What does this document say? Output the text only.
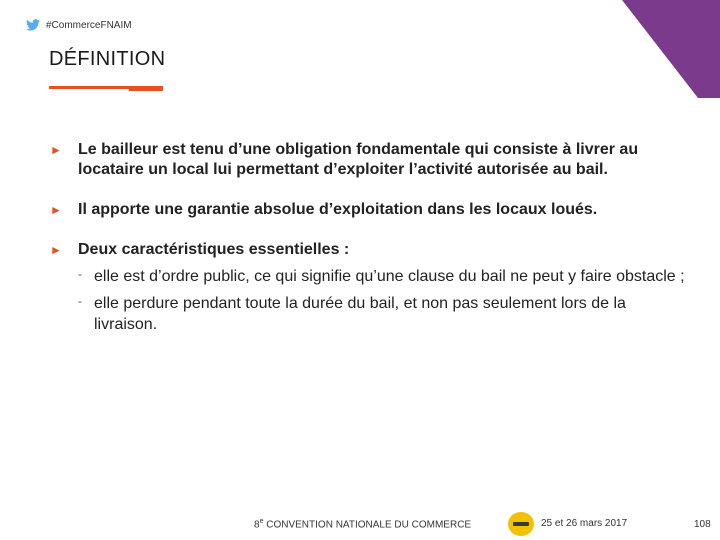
#CommerceFNAIM
DÉFINITION
►	Le bailleur est tenu d’une obligation fondamentale qui consiste à livrer au locataire un local lui permettant d’exploiter l’activité autorisée au bail.
►	Il apporte une garantie absolue d’exploitation dans les locaux loués.
►	Deux caractéristiques essentielles :
‐ elle est d’ordre public, ce qui signifie qu’une clause du bail ne peut y faire obstacle ;
‐ elle perdure pendant toute la durée du bail, et non pas seulement lors de la livraison.
8e CONVENTION NATIONALE DU COMMERCE	25 et 26 mars 2017	108
